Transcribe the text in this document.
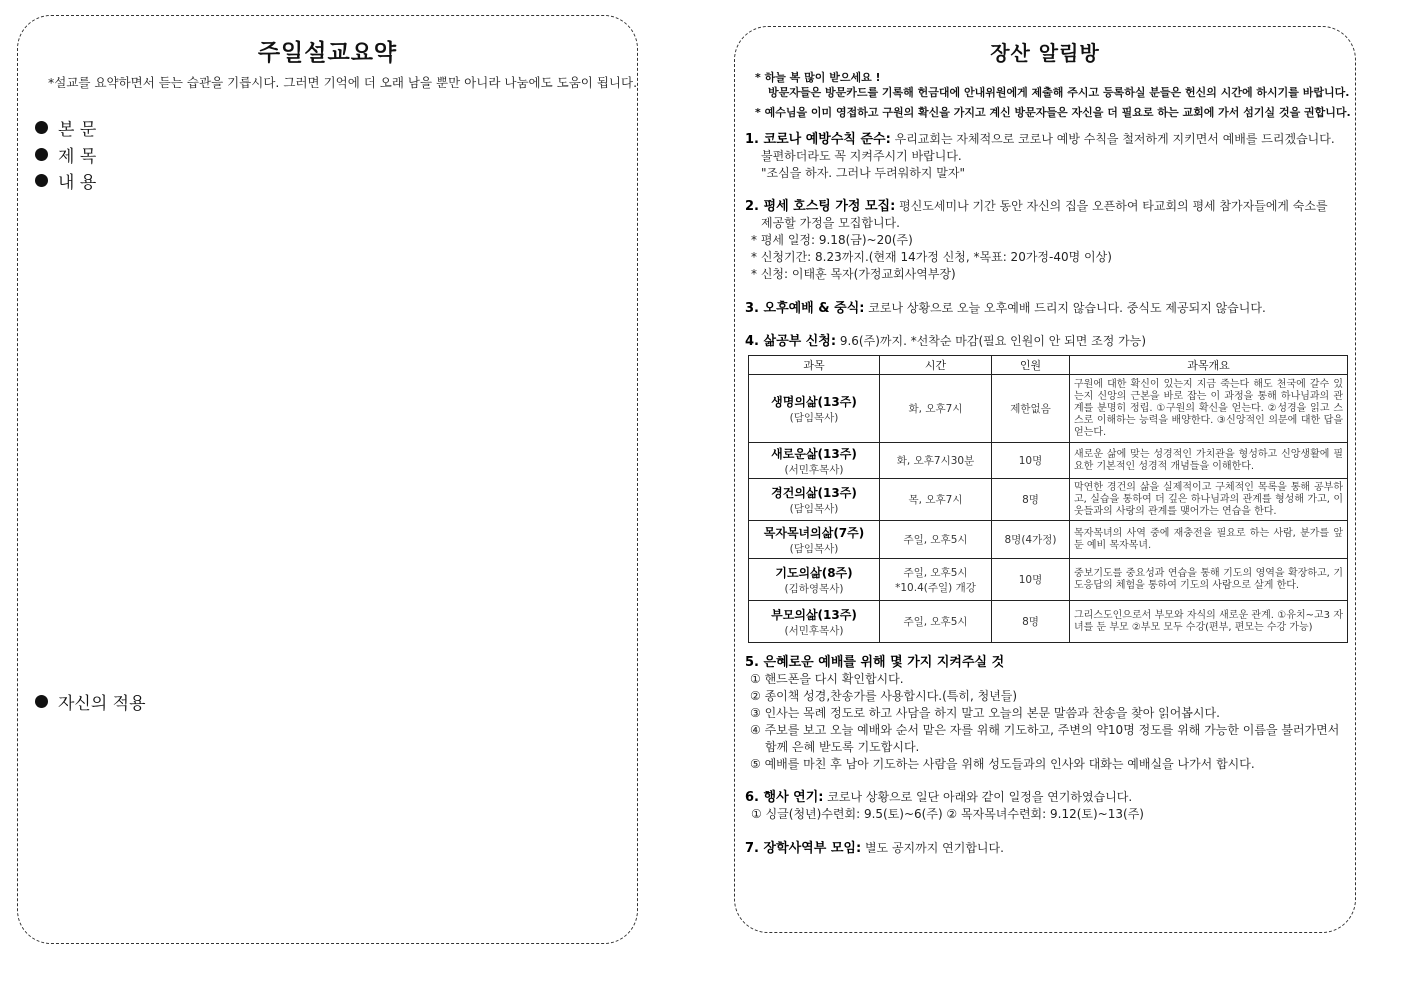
주일설교요약
*설교를 요약하면서 듣는 습관을 기릅시다. 그러면 기억에 더 오래 남을 뿐만 아니라 나눔에도 도움이 됩니다.
본 문
제 목
내 용
자신의 적용
장산 알림방
* 하늘 복 많이 받으세요 !
방문자들은 방문카드를 기록해 헌금대에 안내위원에게 제출해 주시고 등록하실 분들은 헌신의 시간에 하시기를 바랍니다.
* 예수님을 이미 영접하고 구원의 확신을 가지고 계신 방문자들은 자신을 더 필요로 하는 교회에 가서 섬기실 것을 권합니다.

1. 코로나 예방수칙 준수: 우리교회는 자체적으로 코로나 예방 수칙을 철저하게 지키면서 예배를 드리겠습니다.

불편하더라도 꼭 지켜주시기 바랍니다.

"조심을 하자. 그러나 두려워하지 말자"

2. 평세 호스팅 가정 모집: 평신도세미나 기간 동안 자신의 집을 오픈하여 타교회의 평세 참가자들에게 숙소를

제공할 가정을 모집합니다.

* 평세 일정: 9.18(금)~20(주)

* 신청기간: 8.23까지.(현재 14가정 신청, *목표: 20가정-40명 이상)

* 신청: 이태훈 목자(가정교회사역부장)

3. 오후예배 & 중식: 코로나 상황으로 오늘 오후예배 드리지 않습니다. 중식도 제공되지 않습니다.

4. 삶공부 신청: 9.6(주)까지. *선착순 마감(필요 인원이 안 되면 조정 가능)

과목	시간	인원	과목개요

생명의삶(13주)
(담임목사)	화, 오후7시	제한없음	구원에 대한 확신이 있는지 지금 죽는다 해도 천국에 갈수 있는지 신앙의 근본을 바로 잡는 이 과정을 통해 하나님과의 관계를 분명히 정립. ①구원의 확신을 얻는다. ②성경을 읽고 스스로 이해하는 능력을 배양한다. ③신앙적인 의문에 대한 답을 얻는다.

새로운삶(13주)
(서민후목사)	화, 오후7시30분	10명	새로운 삶에 맞는 성경적인 가치관을 형성하고 신앙생활에 필요한 기본적인 성경적 개념들을 이해한다.

경건의삶(13주)
(담임목사)	목, 오후7시	8명	막연한 경건의 삶을 실제적이고 구체적인 목록을 통해 공부하고, 실습을 통하여 더 깊은 하나님과의 관계를 형성해 가고, 이웃들과의 사랑의 관계를 맺어가는 연습을 한다.

목자목녀의삶(7주)
(담임목사)	주일, 오후5시	8명(4가정)	목자목녀의 사역 중에 재충전을 필요로 하는 사람, 분가를 앞둔 예비 목자목녀.

기도의삶(8주)
(김하영목사)	주일, 오후5시
*10.4(주일) 개강	10명	중보기도를 중요성과 연습을 통해 기도의 영역을 확장하고, 기도응답의 체험을 통하여 기도의 사람으로 살게 한다.

부모의삶(13주)
(서민후목사)	주일, 오후5시	8명	그리스도인으로서 부모와 자식의 새로운 관계. ①유치~고3 자녀를 둔 부모 ②부모 모두 수강(편부, 편모는 수강 가능)

5. 은혜로운 예배를 위해 몇 가지 지켜주실 것

① 핸드폰을 다시 확인합시다.

② 종이책 성경,찬송가를 사용합시다.(특히, 청년들)

③ 인사는 목례 정도로 하고 사담을 하지 말고 오늘의 본문 말씀과 찬송을 찾아 읽어봅시다.

④ 주보를 보고 오늘 예배와 순서 맡은 자를 위해 기도하고, 주변의 약10명 정도를 위해 가능한 이름을 불러가면서 함께 은혜 받도록 기도합시다.

⑤ 예배를 마친 후 남아 기도하는 사람을 위해 성도들과의 인사와 대화는 예배실을 나가서 합시다.

6. 행사 연기: 코로나 상황으로 일단 아래와 같이 일정을 연기하였습니다.

① 싱글(청년)수련회: 9.5(토)~6(주) ② 목자목녀수련회: 9.12(토)~13(주)

7. 장학사역부 모임: 별도 공지까지 연기합니다.
